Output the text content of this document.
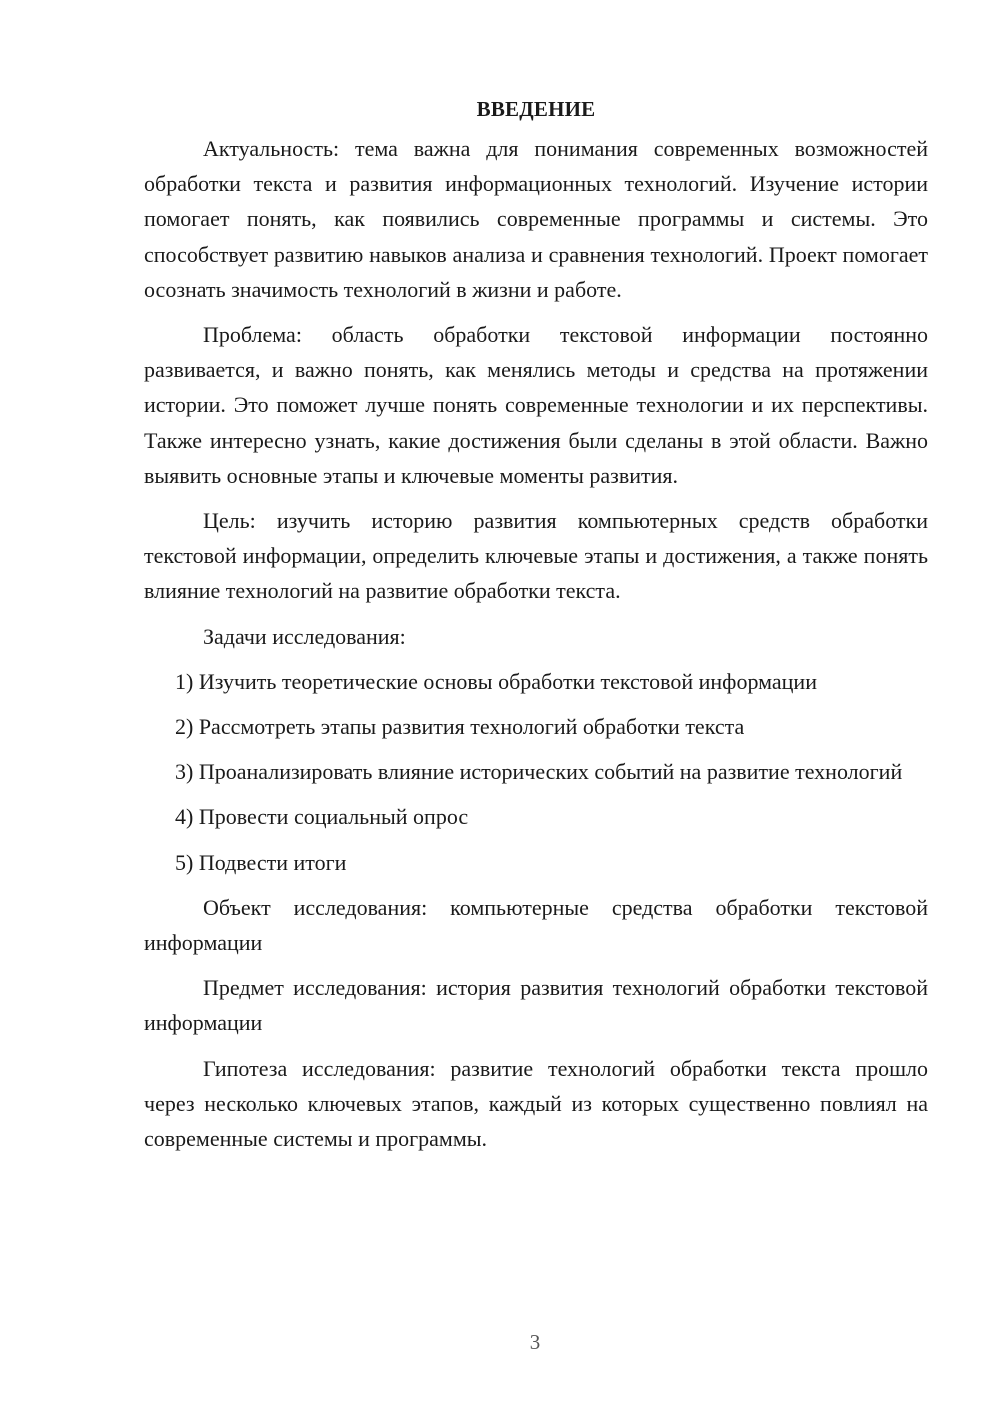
ВВЕДЕНИЕ

Актуальность: тема важна для понимания современных возможностей обработки текста и развития информационных технологий. Изучение истории помогает понять, как появились современные программы и системы. Это способствует развитию навыков анализа и сравнения технологий. Проект помогает осознать значимость технологий в жизни и работе.

Проблема: область обработки текстовой информации постоянно развивается, и важно понять, как менялись методы и средства на протяжении истории. Это поможет лучше понять современные технологии и их перспективы. Также интересно узнать, какие достижения были сделаны в этой области. Важно выявить основные этапы и ключевые моменты развития.

Цель: изучить историю развития компьютерных средств обработки текстовой информации, определить ключевые этапы и достижения, а также понять влияние технологий на развитие обработки текста.

Задачи исследования:

1) Изучить теоретические основы обработки текстовой информации

2) Рассмотреть этапы развития технологий обработки текста

3) Проанализировать влияние исторических событий на развитие технологий

4) Провести социальный опрос

5) Подвести итоги

Объект исследования: компьютерные средства обработки текстовой информации

Предмет исследования: история развития технологий обработки текстовой информации

Гипотеза исследования: развитие технологий обработки текста прошло через несколько ключевых этапов, каждый из которых существенно повлиял на современные системы и программы.

3
